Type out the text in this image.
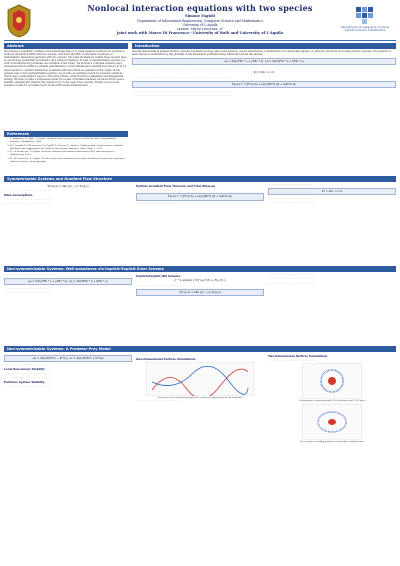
Nonlocal interaction equations with two species
Simone Fagioli
Department of Information Engineering, Computer Science and Mathematics
University of L'Aquila
simone.fagioli@univaq.it
joint work with Marco Di Francesco - University of Bath and University of L'Aquila
Dipartimento di Ingegneria e Scienze dell'Informazione e Matematica
Abstract

We present a systematic existence and uniqueness theory of weak measure solutions for systems of nonlocal interaction PDEs with two species, which are the PDE counterpart of systems of deterministic interacting particles with two species. The main motivations behind those models arise in cell biology, pedestrian movements, and opinion formation. In case of symmetrizable systems (i.e. with cross-interaction potentials one multiple of the other), we provide a complete existence and uniqueness theory within (a suitable generalization of) the Wasserstein gradient flow theory in [2,3], which allows to consider interaction potentials with discontinuous gradient at the origin. In the general case of non-symmetrizable systems, we provide an existence result for measure solutions which uses a semi-implicit version of the JKO scheme, which holds in a simplified one-dimensional setting. We then provide a uniqueness result for a class of suitable measure solutions which uses a stability estimate and extends the results in [1] to the case of two species. Finally, we prove an existence result for a predator-prey model with nonlocal interactions.

References
1. L. Ambrosio, N. Gigli, G. Savaré. Gradient flows in metric spaces and in the space of probability measures. Birkhäuser, 2008.
2. J.A. Carrillo, M. DiFrancesco, A. Figalli, T. Laurent, D. Slepčev. Global-in-time weak measure solutions and finite-time aggregation for nonlocal interaction equations. Duke Math. J., 2011.
3. M. Di Francesco, S. Fagioli. Measure solutions for nonlocal interaction PDEs with two species. Nonlinearity, 2013.
4. M. Di Francesco, S. Fagioli. Results on measure solutions for systems of nonlocal interaction equations with two species. In preparation.
Introduction

Several phenomena in present physics, cell and population biology, and social sciences, can be described by a distribution of N interacting agents, or particles. We focus on models with two species. The position of each species is determined by the gradient of the interaction potential acting within and across the species.

∂ₜρ = div(ρ∇H₁ * ρ + ρ∇K₁ * η), ∂ₜη = div(η∇H₂ * η + η∇K₂ * ρ)

· · · · · · · · · · · · · · · · · · · · · · · · · · · · · · · · · · · · · · · · · · · · · · · · · · · · · · · · · · · · · · · · · ·

K₂ = αK₁, α > 0

· · · · · · · · · · · · · · · · · · · · · · · · · · · · · · · · · · · · · · · · · · · · · · · · · · · · · · · · · · · · · · · · · ·

F(ρ,η) = ½∫H₁*ρ dρ + (α/2)∫H₂*η dη + α∫K₁*η dρ

· · · · · · · · · · · · · · · · · · · · · · · · · · · · · · · · · · · · · · · · · · · · · · · · · · · · · · · · · · · · · · · · · ·

· · · · · · · · · · · · · · · · · · · · · · · · · · · · · · · · · · · · · · · · · · · · · · · · · · · · · · · · · · · · · · · · · ·

Symmetrizable Systems and Gradient Flow Structure
W₂²(μ,ν) = min ∫|x − y|² dγ(x,y)

· · · · · · · · · · · · · · · · · · · · · · · · · · · · · · ·

Main assumptions

· · · · · · · · · · · · · · · · · · · · · · · · · · · · · · ·

· · · · · · · · · · · · · · · · · · · · · · · · · · · · · · ·

Particle Gradient Flow Theorem and Time Blow-up

· · · · · · · · · · · · · · · · · · · · · · · · · · · · · · ·

F(ρ,η) = ½∫H₁*ρ dρ + (α/2)∫H₂*η dη + α∫K₁*η dρ

· · · · · · · · · · · · · · · · · · · · · · · · · · · · · · ·

· · · · · · · · · · · · · · · · · · · · · · · · · · · · · · ·

K₂ = αK₁, α > 0

· · · · · · · · · · · · · · · · · · · · · · · · · · · · · · ·

· · · · · · · · · · · · · · · · · · · · · · · · · · · · · · ·

Non-symmetrizable Systems: Well-posedness via Implicit-Explicit Euler Scheme

· · · · · · · · · · · · · · · · · · · · · · · · · · · · · · ·

∂ₜρ = div(ρ∇H₁ * ρ + ρ∇K₁ * η), ∂ₜη = div(η∇H₂ * η + η∇K₂ * ρ)

· · · · · · · · · · · · · · · · · · · · · · · · · · · · · · ·

· · · · · · · · · · · · · · · · · · · · · · · · · · · · · · ·

Implicit-Explicit JKO Scheme
ρᵏ⁺¹ ∈ argmin { W₂²(ρ,ρᵏ)/2τ + F(ρ,ηᵏ) }

· · · · · · · · · · · · · · · · · · · · · · · · · · · · · · ·

W₂²(μ,ν) = min ∫|x − y|² dγ(x,y)

· · · · · · · · · · · · · · · · · · · · · · · · · · · · · · ·

· · · · · · · · · · · · · · · · · · · · · · · · · · · · · · ·

· · · · · · · · · · · · · · · · · · · · · · · · · · · · · · ·

Non-symmetrizable Systems: A Predator-Prey Model
∂ₜu = div(u∇(H₁*u − K₁*v)), ∂ₜv = div(v∇(H₂*v + K₂*u))

· · · · · · · · · · · · · · · · · · · · · · · · · · · · · · ·

Local Non-Linear Stability

· · · · · · · · · · · · · · · · · · · · · · · · · · · · · · ·

· · · · · · · · · · · · · · · · · · · · · · · · · · · · · · ·

Particles System Stability

· · · · · · · · · · · · · · · · · · · · · · · · · · · · · · ·

· · · · · · · · · · · · · · · · · · · · · · · · · · · · · · ·

One-Dimensional Particle Simulations
Two-species one-dimensional particle evolution: segregation of the densities.

· · · · · · · · · · · · · · · · · · · · · · · · · · · · · · ·

Two-Dimensional Particle Simulations

· · · · · · · · · · · · · · · · · · · · · · · · · · · · · · ·

Predator-prey simulation with 200 predators and 1000 prey.
Prey regions avoiding predators and stable configuration.
